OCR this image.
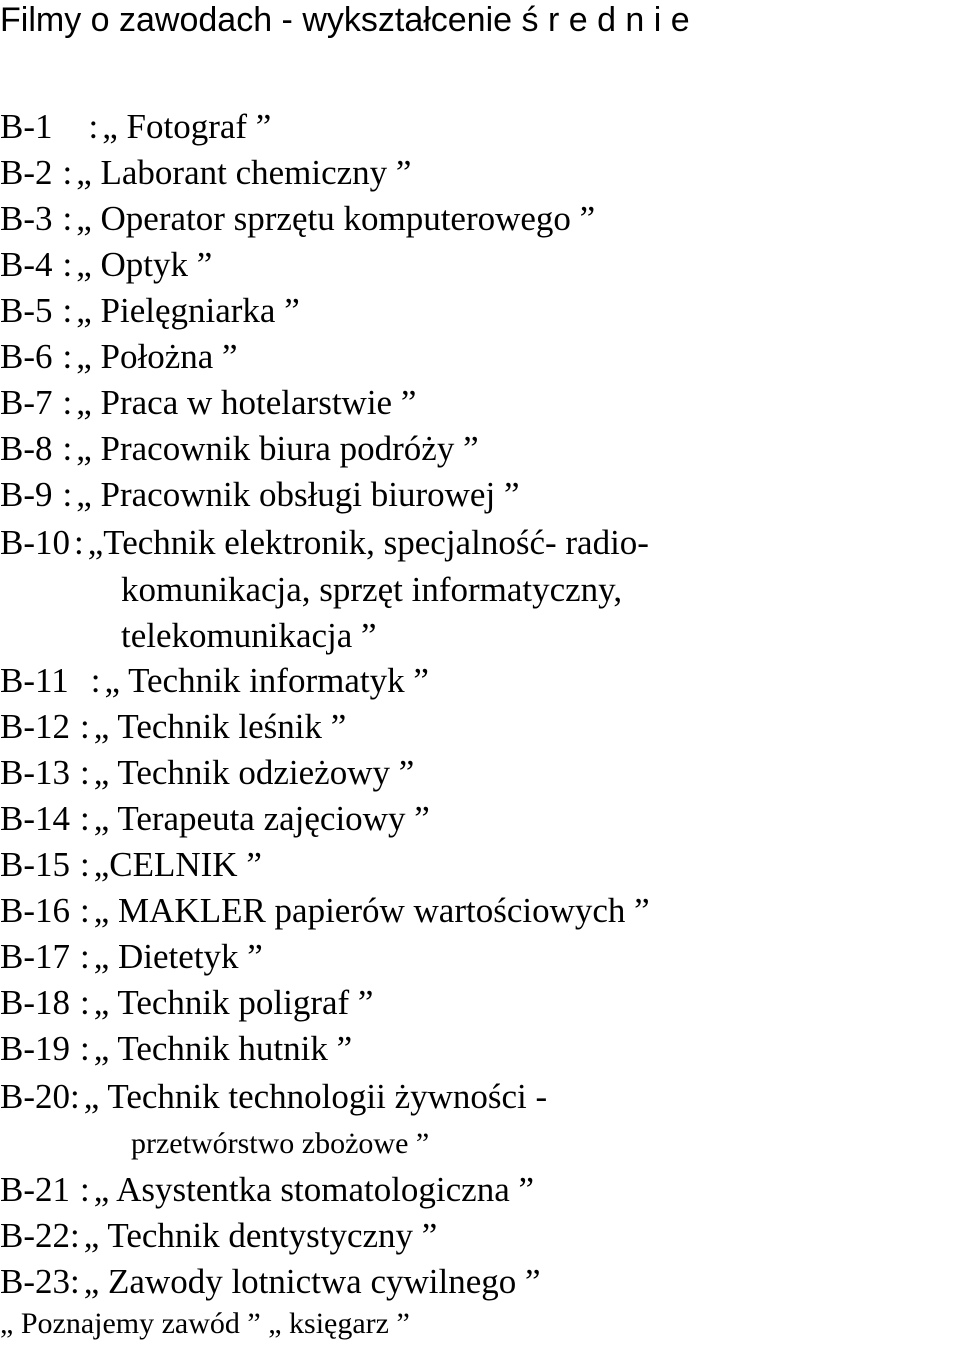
Filmy o zawodach - wykształcenie ś r e d n i e
B-1 : „ Fotograf ”
B-2 : „ Laborant chemiczny ”
B-3 : „ Operator sprzętu komputerowego ”
B-4 : „ Optyk ”
B-5 : „ Pielęgniarka ”
B-6 : „ Położna ”
B-7 : „ Praca w hotelarstwie ”
B-8 : „ Pracownik biura podróży ”
B-9 : „ Pracownik obsługi biurowej ”
B-10 : „Technik elektronik, specjalność- radio-
komunikacja, sprzęt informatyczny,
telekomunikacja ”
B-11 : „ Technik informatyk ”
B-12 : „ Technik leśnik ”
B-13 : „ Technik odzieżowy ”
B-14 : „ Terapeuta zajęciowy ”
B-15 : „CELNIK ”
B-16 : „ MAKLER papierów wartościowych ”
B-17 : „ Dietetyk ”
B-18 : „ Technik poligraf ”
B-19 : „ Technik hutnik ”
B-20: „ Technik technologii żywności -
przetwórstwo zbożowe ”
B-21 : „ Asystentka stomatologiczna ”
B-22: „ Technik dentystyczny ”
B-23: „ Zawody lotnictwa cywilnego ”
„ Poznajemy zawód ” „ księgarz ”
